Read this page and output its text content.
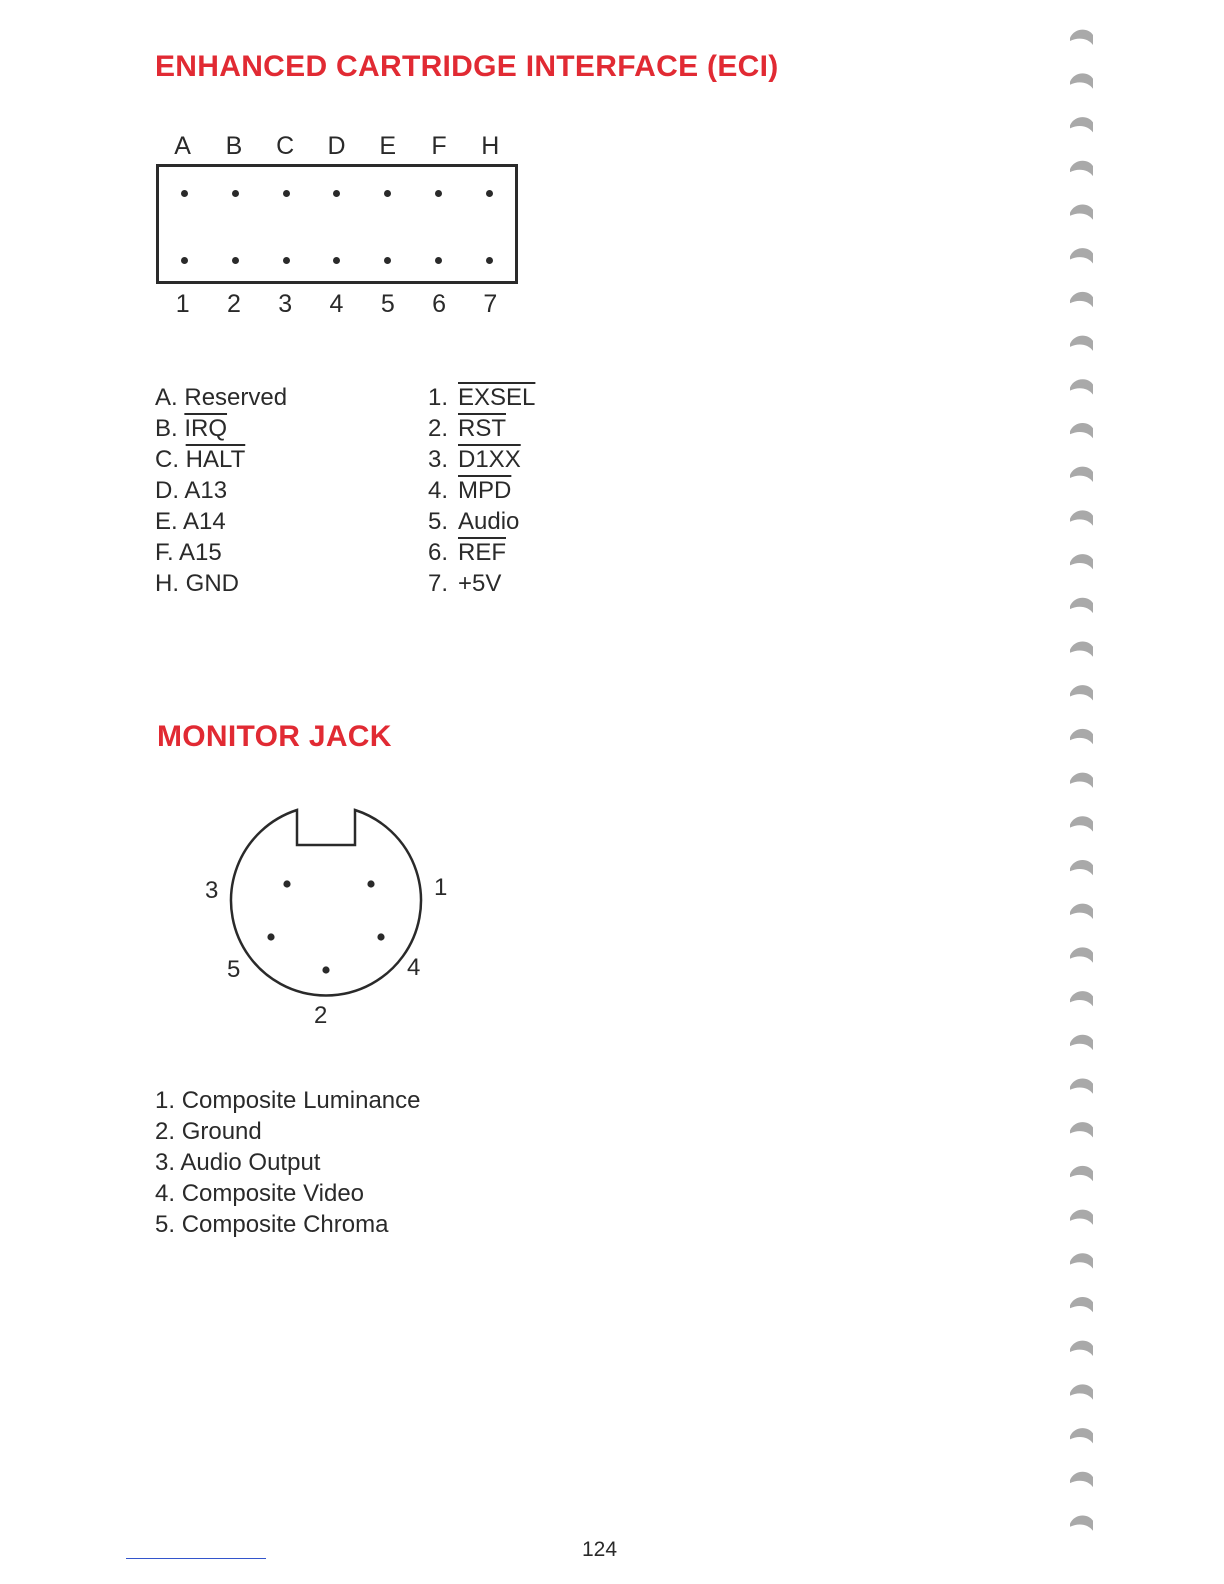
ENHANCED CARTRIDGE INTERFACE (ECI)
A B C D E F H
1	2	3	4	5	6	7
A. Reserved
B. $\overline{IRQ}$
C. HALT
D. A13
E. A14
F. A15
H. GND
1. EXSEL
2. $\overline{RST}$
3. D1XX
4. $\overline{MPD}$
5. Audio
6. $\overline{REF}$
7. +5V
MONITOR JACK
3	1
5	4
2
1. Composite Luminance
2. Ground
3. Audio Output
4. Composite Video
5. Composite Chroma
124
